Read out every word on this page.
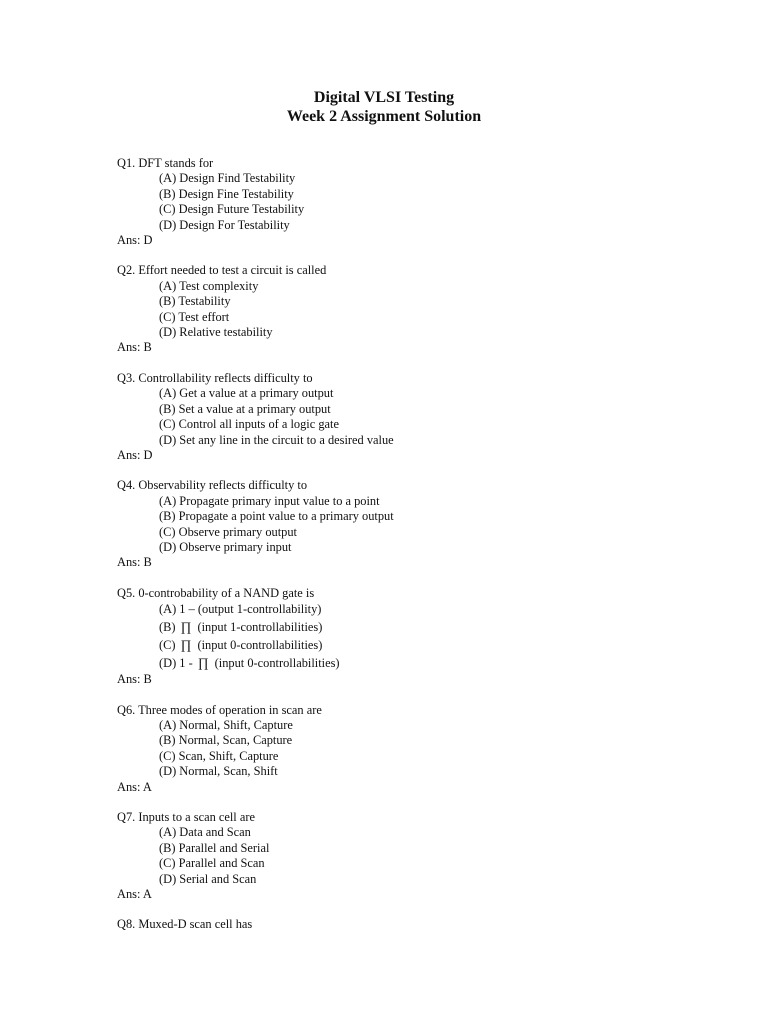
Digital VLSI Testing
Week 2 Assignment Solution
Q1. DFT stands for
(A) Design Find Testability
(B) Design Fine Testability
(C) Design Future Testability
(D) Design For Testability
Ans: D
Q2. Effort needed to test a circuit is called
(A) Test complexity
(B) Testability
(C) Test effort
(D) Relative testability
Ans: B
Q3. Controllability reflects difficulty to
(A) Get a value at a primary output
(B) Set a value at a primary output
(C) Control all inputs of a logic gate
(D) Set any line in the circuit to a desired value
Ans: D
Q4. Observability reflects difficulty to
(A) Propagate primary input value to a point
(B) Propagate a point value to a primary output
(C) Observe primary output
(D) Observe primary input
Ans: B
Q5. 0-controbability of a NAND gate is
(A) 1 – (output 1-controllability)
(B) ∏ (input 1-controllabilities)
(C) ∏ (input 0-controllabilities)
(D) 1 - ∏ (input 0-controllabilities)
Ans: B
Q6. Three modes of operation in scan are
(A) Normal, Shift, Capture
(B) Normal, Scan, Capture
(C) Scan, Shift, Capture
(D) Normal, Scan, Shift
Ans: A
Q7. Inputs to a scan cell are
(A) Data and Scan
(B) Parallel and Serial
(C) Parallel and Scan
(D) Serial and Scan
Ans: A
Q8. Muxed-D scan cell has
